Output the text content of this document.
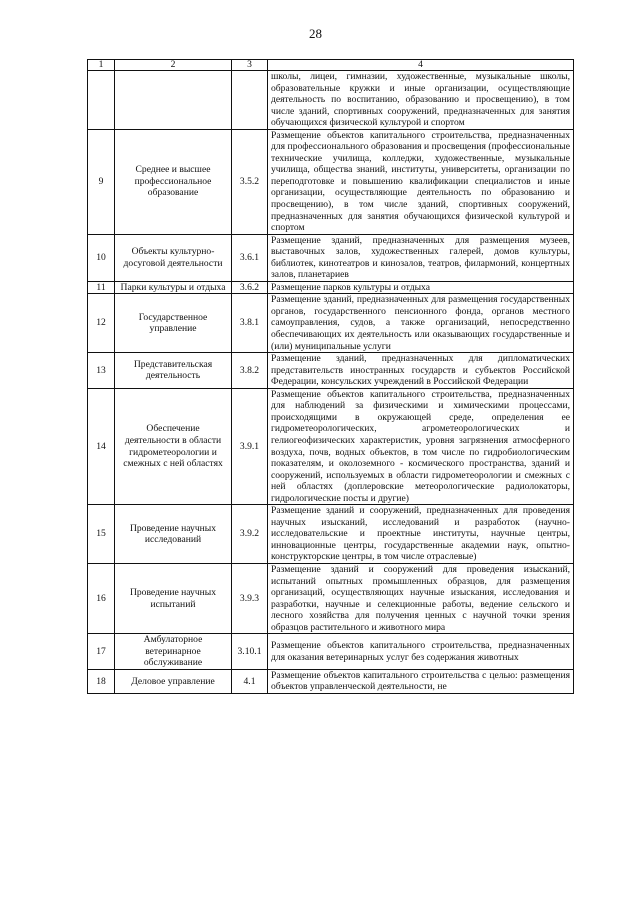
28
1	2	3	4
			школы, лицеи, гимназии, художественные, музыкальные школы, образовательные кружки и иные организации, осуществляющие деятельность по воспитанию, образованию и просвещению), в том числе зданий, спортивных сооружений, предназначенных для занятия обучающихся физической культурой и спортом
9	Среднее и высшее профессиональное образование	3.5.2	Размещение объектов капитального строительства, предназначенных для профессионального образования и просвещения (профессиональные технические училища, колледжи, художественные, музыкальные училища, общества знаний, институты, университеты, организации по переподготовке и повышению квалификации специалистов и иные организации, осуществляющие деятельность по образованию и просвещению), в том числе зданий, спортивных сооружений, предназначенных для занятия обучающихся физической культурой и спортом
10	Объекты культурно-досуговой деятельности	3.6.1	Размещение зданий, предназначенных для размещения музеев, выставочных залов, художественных галерей, домов культуры, библиотек, кинотеатров и кинозалов, театров, филармоний, концертных залов, планетариев
11	Парки культуры и отдыха	3.6.2	Размещение парков культуры и отдыха
12	Государственное управление	3.8.1	Размещение зданий, предназначенных для размещения государственных органов, государственного пенсионного фонда, органов местного самоуправления, судов, а также организаций, непосредственно обеспечивающих их деятельность или оказывающих государственные и (или) муниципальные услуги
13	Представительская деятельность	3.8.2	Размещение зданий, предназначенных для дипломатических представительств иностранных государств и субъектов Российской Федерации, консульских учреждений в Российской Федерации
14	Обеспечение деятельности в области гидрометеорологии и смежных с ней областях	3.9.1	Размещение объектов капитального строительства, предназначенных для наблюдений за физическими и химическими процессами, происходящими в окружающей среде, определения ее гидрометеорологических, агрометеорологических и гелиогеофизических характеристик, уровня загрязнения атмосферного воздуха, почв, водных объектов, в том числе по гидробиологическим показателям, и околоземного - космического пространства, зданий и сооружений, используемых в области гидрометеорологии и смежных с ней областях (доплеровские метеорологические радиолокаторы, гидрологические посты и другие)
15	Проведение научных исследований	3.9.2	Размещение зданий и сооружений, предназначенных для проведения научных изысканий, исследований и разработок (научно-исследовательские и проектные институты, научные центры, инновационные центры, государственные академии наук, опытно-конструкторские центры, в том числе отраслевые)
16	Проведение научных испытаний	3.9.3	Размещение зданий и сооружений для проведения изысканий, испытаний опытных промышленных образцов, для размещения организаций, осуществляющих научные изыскания, исследования и разработки, научные и селекционные работы, ведение сельского и лесного хозяйства для получения ценных с научной точки зрения образцов растительного и животного мира
17	Амбулаторное ветеринарное обслуживание	3.10.1	Размещение объектов капитального строительства, предназначенных для оказания ветеринарных услуг без содержания животных
18	Деловое управление	4.1	Размещение объектов капитального строительства с целью: размещения объектов управленческой деятельности, не
